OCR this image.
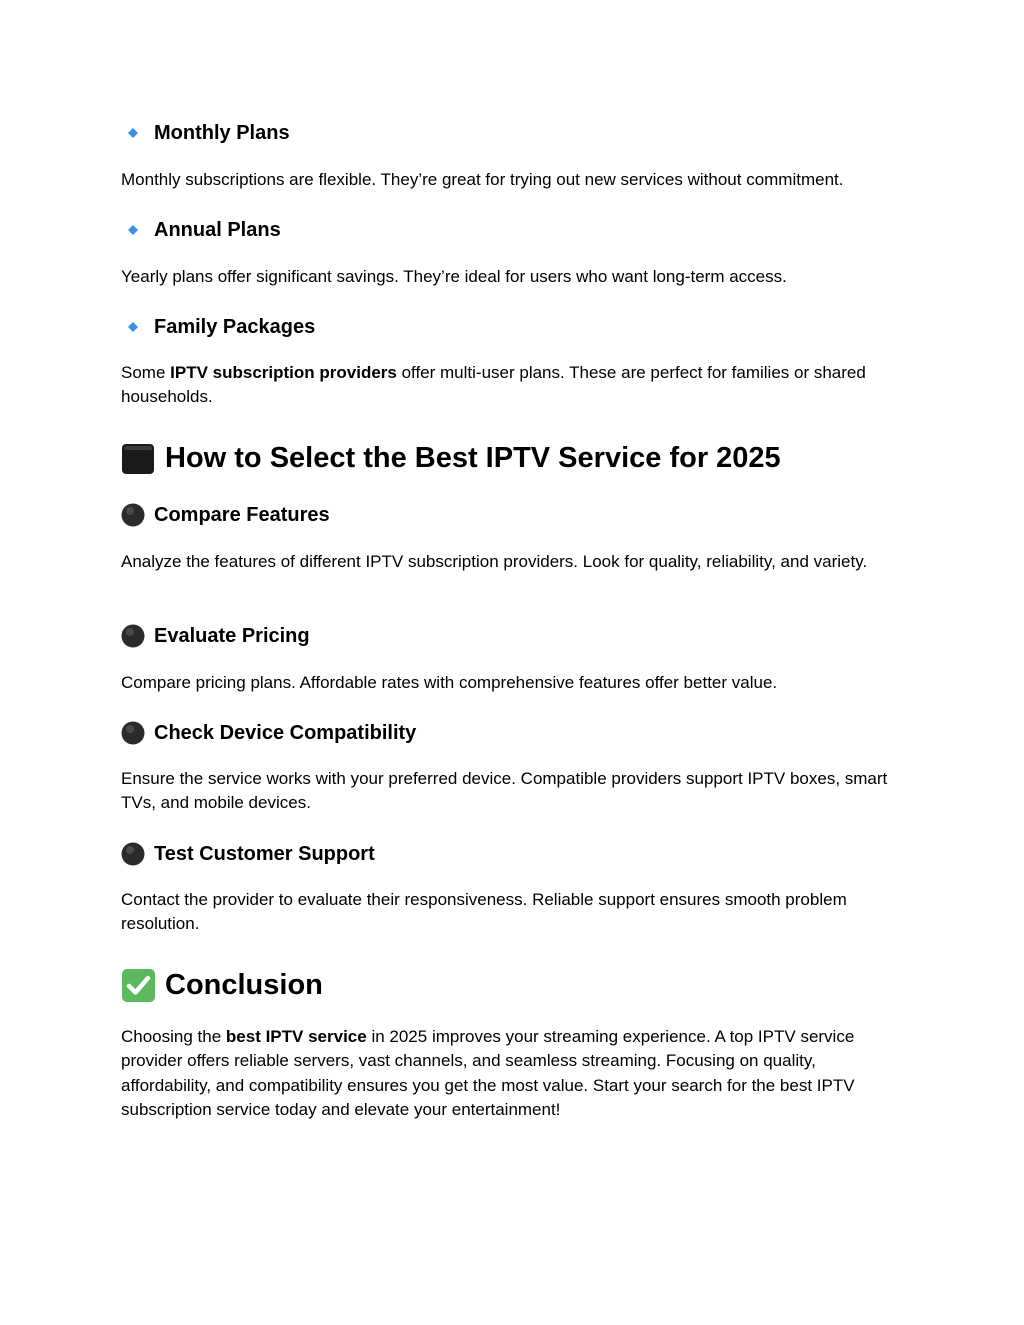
Monthly Plans
Monthly subscriptions are flexible. They’re great for trying out new services without commitment.
Annual Plans
Yearly plans offer significant savings. They’re ideal for users who want long-term access.
Family Packages
Some IPTV subscription providers offer multi-user plans. These are perfect for families or shared households.
How to Select the Best IPTV Service for 2025
Compare Features
Analyze the features of different IPTV subscription providers. Look for quality, reliability, and variety.
Evaluate Pricing
Compare pricing plans. Affordable rates with comprehensive features offer better value.
Check Device Compatibility
Ensure the service works with your preferred device. Compatible providers support IPTV boxes, smart TVs, and mobile devices.
Test Customer Support
Contact the provider to evaluate their responsiveness. Reliable support ensures smooth problem resolution.
Conclusion
Choosing the best IPTV service in 2025 improves your streaming experience. A top IPTV service provider offers reliable servers, vast channels, and seamless streaming. Focusing on quality, affordability, and compatibility ensures you get the most value. Start your search for the best IPTV subscription service today and elevate your entertainment!
